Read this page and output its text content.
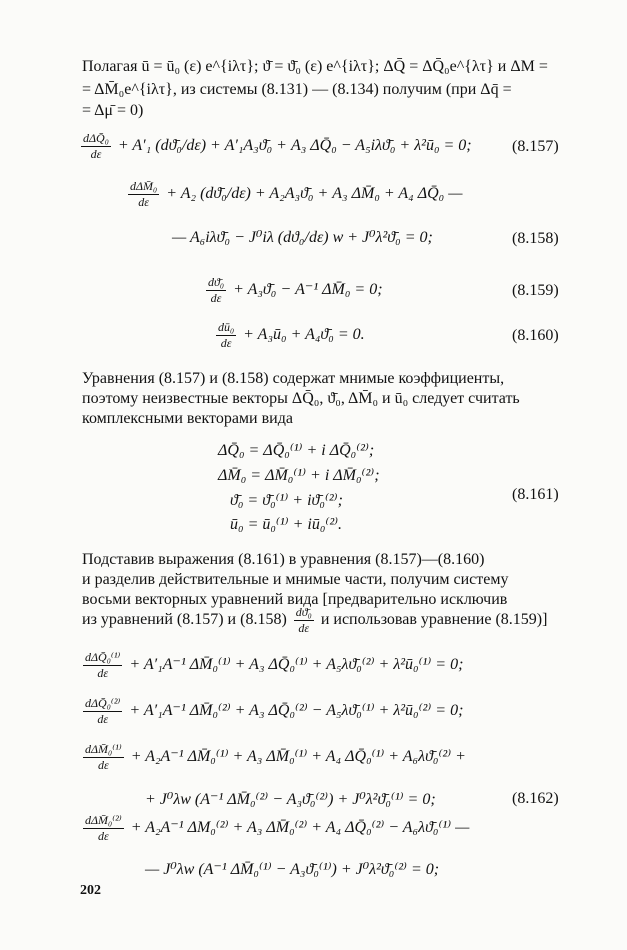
Полагая ū = ū₀ (ε) e^{iλτ}; ϑ̄ = ϑ̄₀ (ε) e^{iλτ}; ΔQ̄ = ΔQ̄₀e^{λτ} и ΔM =
= ΔM̄₀e^{iλτ}, из системы (8.131) — (8.134) получим (при Δq̄ =
= Δμ̄ = 0)
$\frac{\text{dΔQ̄₀}}{d\varepsilon} + A'_1$ (dϑ̄₀/dε) + A′₁A₃ϑ̄₀ + A₃ ΔQ̄₀ − A₅iλϑ̄₀ + λ²ū₀ = 0;	(8.157)
$\frac{\text{dΔM̄₀}}{d\varepsilon} + A_2$ (dϑ̄₀/dε) + A₂A₃ϑ̄₀ + A₃ ΔM̄₀ + A₄ ΔQ̄₀ —
— A₆iλϑ̄₀ − J⁰iλ (dϑ₀/dε) w + J⁰λ²ϑ̄₀ = 0;	(8.158)
$\frac{\text{dϑ̄₀}}{d\varepsilon}$ + A₃ϑ̄₀ − A⁻¹ ΔM̄₀ = 0;	(8.159)
$\frac{\text{dū₀}}{d\varepsilon}$ + A₃ū₀ + A₄ϑ̄₀ = 0.	(8.160)
Уравнения (8.157) и (8.158) содержат мнимые коэффициенты,
поэтому неизвестные векторы ΔQ̄₀, ϑ̄₀, ΔM̄₀ и ū₀ следует считать
комплексными векторами вида
ΔQ̄₀ = ΔQ̄₀⁽¹⁾ + i ΔQ̄₀⁽²⁾;
ΔM̄₀ = ΔM̄₀⁽¹⁾ + i ΔM̄₀⁽²⁾;
ϑ̄₀ = ϑ̄₀⁽¹⁾ + iϑ̄₀⁽²⁾;
ū₀ = ū₀⁽¹⁾ + iū₀⁽²⁾.
(8.161)
Подставив выражения (8.161) в уравнения (8.157)—(8.160)
и разделив действительные и мнимые части, получим систему
восьми векторных уравнений вида [предварительно исключив
из уравнений (8.157) и $(8.158) \frac{\text{dϑ̄₀}}{d\varepsilon}$ и использовав уравнение (8.159)]
$\frac{\text{dΔQ̄₀⁽¹⁾}}{d\varepsilon} + A'_1A^{-1}$ ΔM̄₀⁽¹⁾ + A₃ ΔQ̄₀⁽¹⁾ + A₅λϑ̄₀⁽²⁾ + λ²ū₀⁽¹⁾ = 0;
$\frac{\text{dΔQ̄₀⁽²⁾}}{d\varepsilon} + A'_1A^{-1}$ ΔM̄₀⁽²⁾ + A₃ ΔQ̄₀⁽²⁾ − A₅λϑ̄₀⁽¹⁾ + λ²ū₀⁽²⁾ = 0;
$\frac{\text{dΔM̄₀⁽¹⁾}}{d\varepsilon} + A_2A^{-1}$ ΔM̄₀⁽¹⁾ + A₃ ΔM̄₀⁽¹⁾ + A₄ ΔQ̄₀⁽¹⁾ + A₆λϑ̄₀⁽²⁾ +
+ J⁰λw (A⁻¹ ΔM̄₀⁽²⁾ − A₃ϑ̄₀⁽²⁾) + J⁰λ²ϑ̄₀⁽¹⁾ = 0;	(8.162)
$\frac{\text{dΔM̄₀⁽²⁾}}{d\varepsilon} + A_2A^{-1}$ ΔM₀⁽²⁾ + A₃ ΔM̄₀⁽²⁾ + A₄ ΔQ̄₀⁽²⁾ − A₆λϑ̄₀⁽¹⁾ —
— J⁰λw (A⁻¹ ΔM̄₀⁽¹⁾ − A₃ϑ̄₀⁽¹⁾) + J⁰λ²ϑ̄₀⁽²⁾ = 0;
202
